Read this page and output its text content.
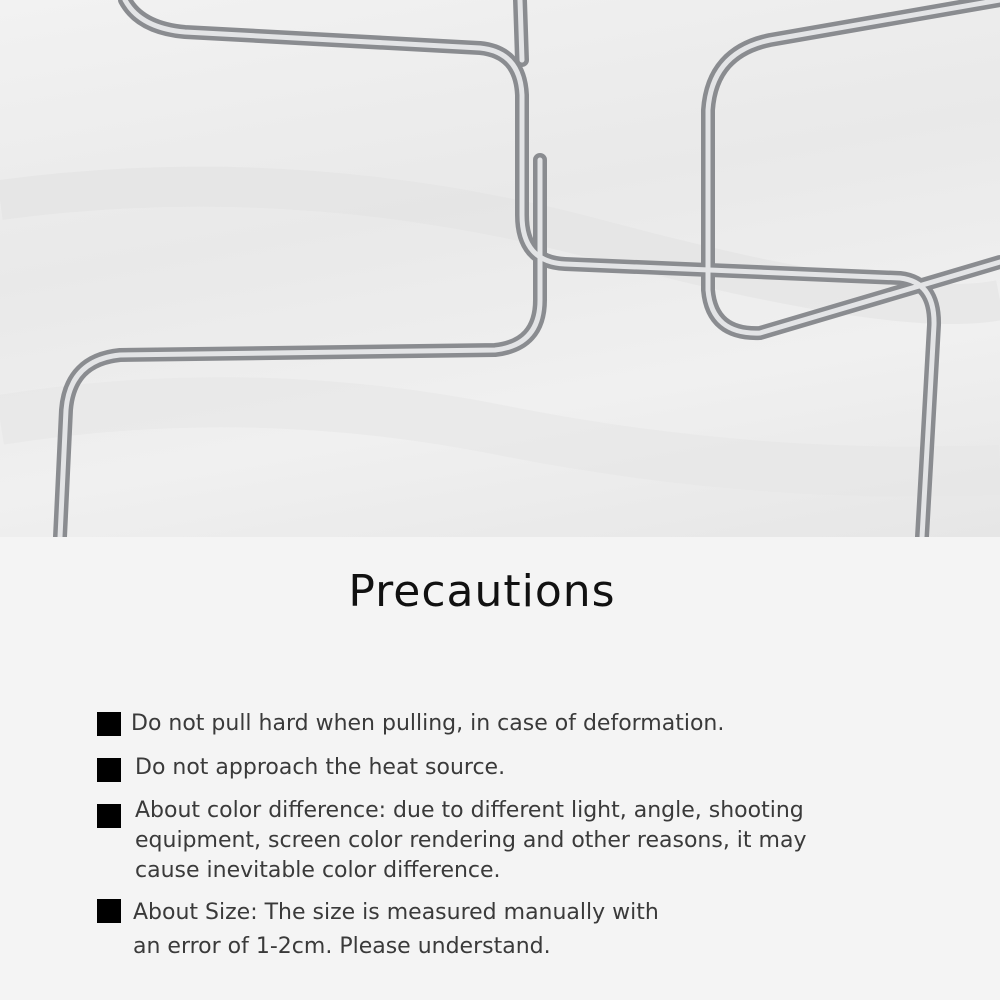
Precautions
Do not pull hard when pulling, in case of deformation.
Do not approach the heat source.
About color difference: due to different light, angle, shooting
equipment, screen color rendering and other reasons, it may
cause inevitable color difference.
About Size: The size is measured manually with
an error of 1-2cm. Please understand.
